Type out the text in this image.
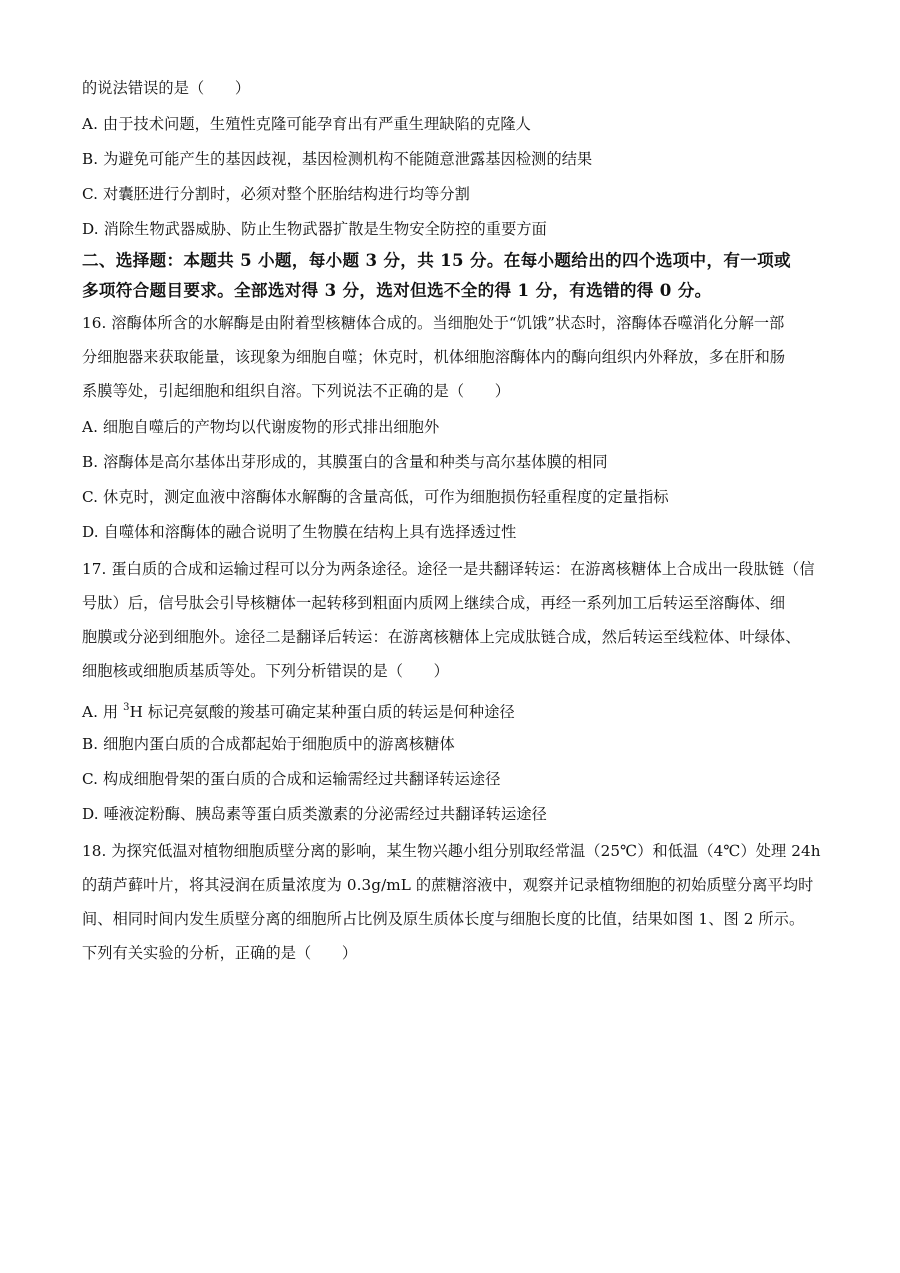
的说法错误的是（　　）
A. 由于技术问题，生殖性克隆可能孕育出有严重生理缺陷的克隆人
B. 为避免可能产生的基因歧视，基因检测机构不能随意泄露基因检测的结果
C. 对囊胚进行分割时，必须对整个胚胎结构进行均等分割
D. 消除生物武器威胁、防止生物武器扩散是生物安全防控的重要方面
二、选择题：本题共 5 小题，每小题 3 分，共 15 分。在每小题给出的四个选项中，有一项或
多项符合题目要求。全部选对得 3 分，选对但选不全的得 1 分，有选错的得 0 分。
16. 溶酶体所含的水解酶是由附着型核糖体合成的。当细胞处于“饥饿”状态时，溶酶体吞噬消化分解一部
分细胞器来获取能量，该现象为细胞自噬；休克时，机体细胞溶酶体内的酶向组织内外释放，多在肝和肠
系膜等处，引起细胞和组织自溶。下列说法不正确的是（　　）
A. 细胞自噬后的产物均以代谢废物的形式排出细胞外
B. 溶酶体是高尔基体出芽形成的，其膜蛋白的含量和种类与高尔基体膜的相同
C. 休克时，测定血液中溶酶体水解酶的含量高低，可作为细胞损伤轻重程度的定量指标
D. 自噬体和溶酶体的融合说明了生物膜在结构上具有选择透过性
17. 蛋白质的合成和运输过程可以分为两条途径。途径一是共翻译转运：在游离核糖体上合成出一段肽链（信
号肽）后，信号肽会引导核糖体一起转移到粗面内质网上继续合成，再经一系列加工后转运至溶酶体、细
胞膜或分泌到细胞外。途径二是翻译后转运：在游离核糖体上完成肽链合成，然后转运至线粒体、叶绿体、
细胞核或细胞质基质等处。下列分析错误的是（　　）
A. 用 $^3$H 标记亮氨酸的羧基可确定某种蛋白质的转运是何种途径
B. 细胞内蛋白质的合成都起始于细胞质中的游离核糖体
C. 构成细胞骨架的蛋白质的合成和运输需经过共翻译转运途径
D. 唾液淀粉酶、胰岛素等蛋白质类激素的分泌需经过共翻译转运途径
18. 为探究低温对植物细胞质壁分离的影响，某生物兴趣小组分别取经常温（25℃）和低温（4℃）处理 24h
的葫芦藓叶片，将其浸润在质量浓度为 0.3g/mL 的蔗糖溶液中，观察并记录植物细胞的初始质壁分离平均时
间、相同时间内发生质壁分离的细胞所占比例及原生质体长度与细胞长度的比值，结果如图 1、图 2 所示。
下列有关实验的分析，正确的是（　　）
